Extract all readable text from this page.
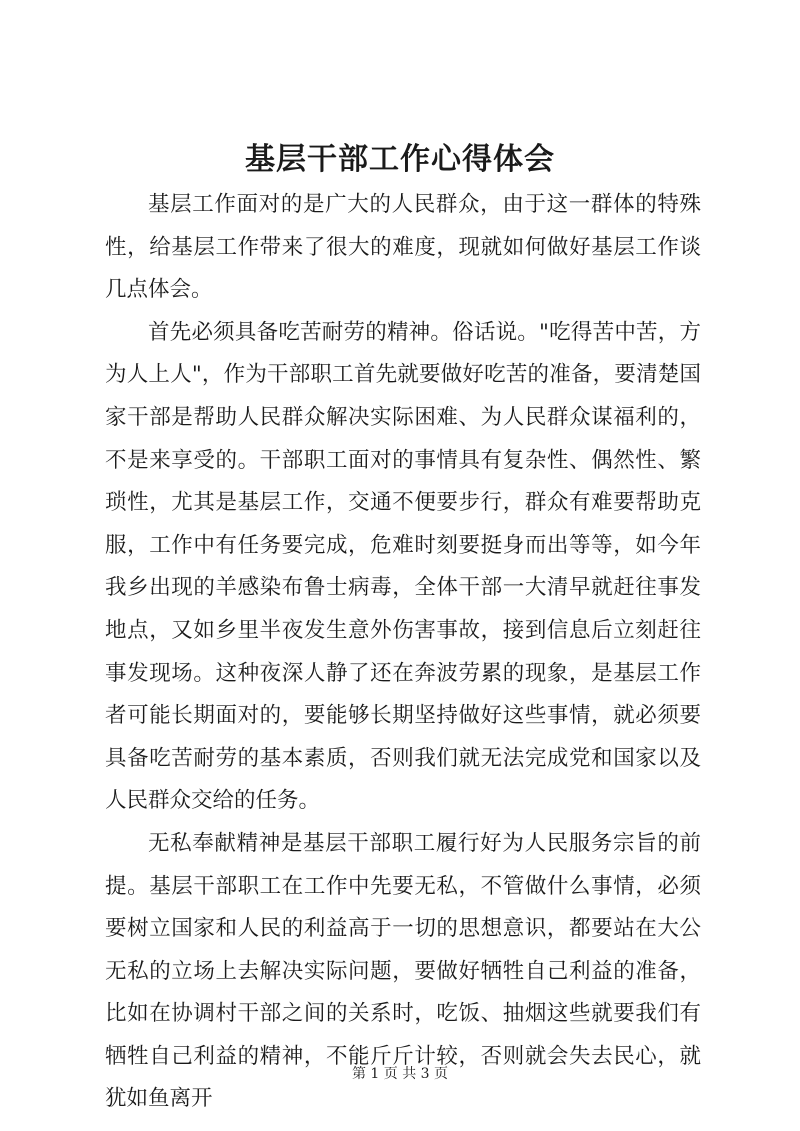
基层干部工作心得体会

基层工作面对的是广大的人民群众，由于这一群体的特殊性，给基层工作带来了很大的难度，现就如何做好基层工作谈几点体会。

首先必须具备吃苦耐劳的精神。俗话说。"吃得苦中苦，方为人上人"，作为干部职工首先就要做好吃苦的准备，要清楚国家干部是帮助人民群众解决实际困难、为人民群众谋福利的，不是来享受的。干部职工面对的事情具有复杂性、偶然性、繁琐性，尤其是基层工作，交通不便要步行，群众有难要帮助克服，工作中有任务要完成，危难时刻要挺身而出等等，如今年我乡出现的羊感染布鲁士病毒，全体干部一大清早就赶往事发地点，又如乡里半夜发生意外伤害事故，接到信息后立刻赶往事发现场。这种夜深人静了还在奔波劳累的现象，是基层工作者可能长期面对的，要能够长期坚持做好这些事情，就必须要具备吃苦耐劳的基本素质，否则我们就无法完成党和国家以及人民群众交给的任务。

无私奉献精神是基层干部职工履行好为人民服务宗旨的前提。基层干部职工在工作中先要无私，不管做什么事情，必须要树立国家和人民的利益高于一切的思想意识，都要站在大公无私的立场上去解决实际问题，要做好牺牲自己利益的准备，比如在协调村干部之间的关系时，吃饭、抽烟这些就要我们有牺牲自己利益的精神，不能斤斤计较，否则就会失去民心，就犹如鱼离开

第 1 页 共 3 页
